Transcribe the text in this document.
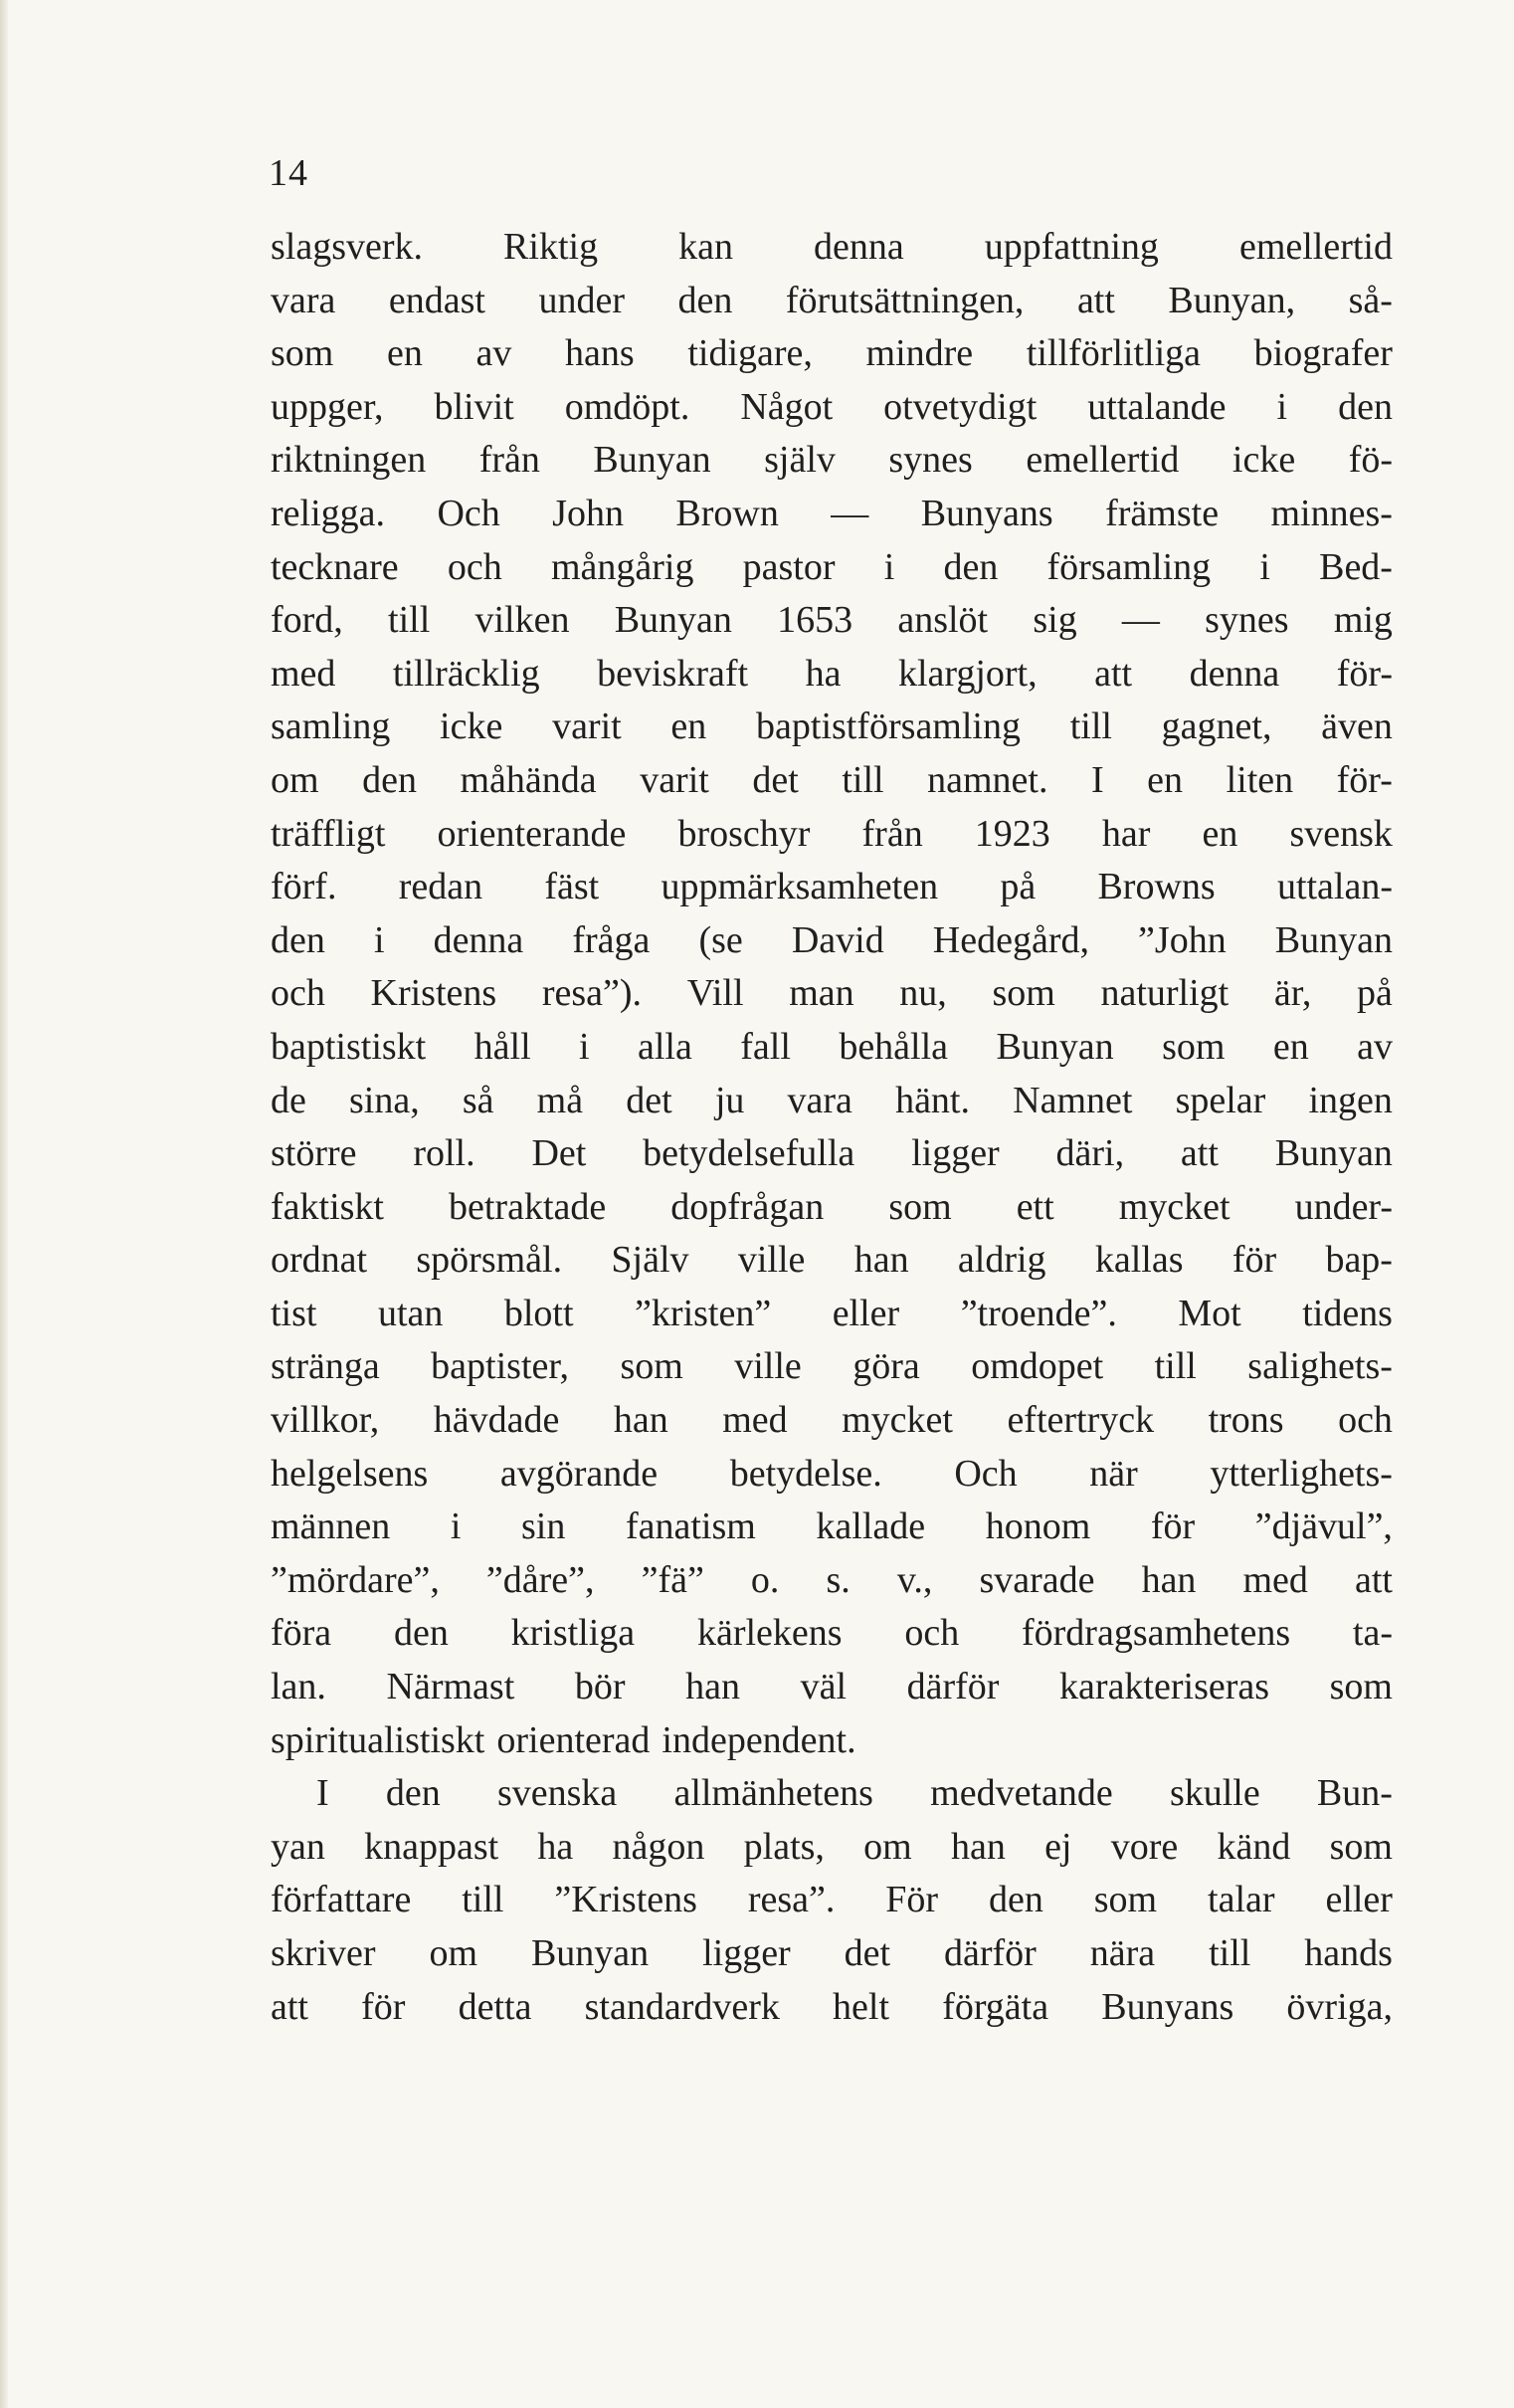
14
slagsverk. Riktig kan denna uppfattning emellertid
vara endast under den förutsättningen, att Bunyan, så-
som en av hans tidigare, mindre tillförlitliga biografer
uppger, blivit omdöpt. Något otvetydigt uttalande i den
riktningen från Bunyan själv synes emellertid icke fö-
religga. Och John Brown — Bunyans främste minnes-
tecknare och mångårig pastor i den församling i Bed-
ford, till vilken Bunyan 1653 anslöt sig — synes mig
med tillräcklig beviskraft ha klargjort, att denna för-
samling icke varit en baptistförsamling till gagnet, även
om den måhända varit det till namnet. I en liten för-
träffligt orienterande broschyr från 1923 har en svensk
förf. redan fäst uppmärksamheten på Browns uttalan-
den i denna fråga (se David Hedegård, ”John Bunyan
och Kristens resa”). Vill man nu, som naturligt är, på
baptistiskt håll i alla fall behålla Bunyan som en av
de sina, så må det ju vara hänt. Namnet spelar ingen
större roll. Det betydelsefulla ligger däri, att Bunyan
faktiskt betraktade dopfrågan som ett mycket under-
ordnat spörsmål. Själv ville han aldrig kallas för bap-
tist utan blott ”kristen” eller ”troende”. Mot tidens
stränga baptister, som ville göra omdopet till salighets-
villkor, hävdade han med mycket eftertryck trons och
helgelsens avgörande betydelse. Och när ytterlighets-
männen i sin fanatism kallade honom för ”djävul”,
”mördare”, ”dåre”, ”fä” o. s. v., svarade han med att
föra den kristliga kärlekens och fördragsamhetens ta-
lan. Närmast bör han väl därför karakteriseras som
spiritualistiskt orienterad independent.
I den svenska allmänhetens medvetande skulle Bun-
yan knappast ha någon plats, om han ej vore känd som
författare till ”Kristens resa”. För den som talar eller
skriver om Bunyan ligger det därför nära till hands
att för detta standardverk helt förgäta Bunyans övriga,
